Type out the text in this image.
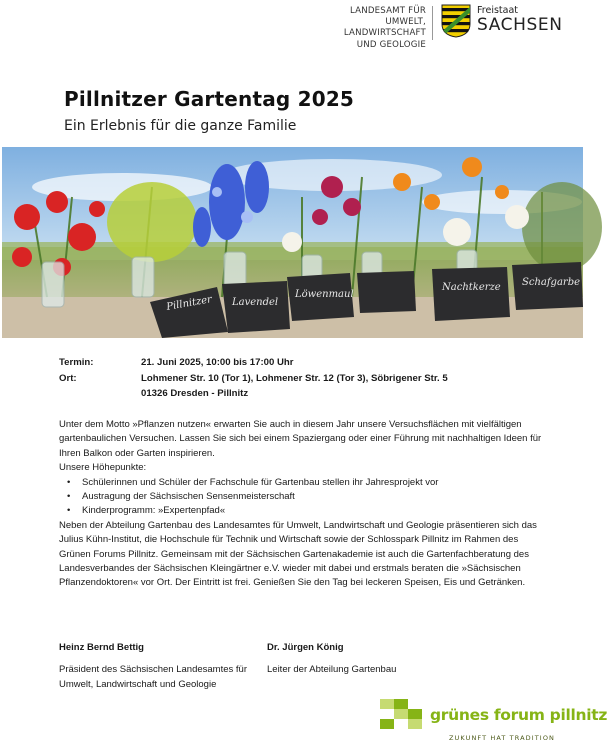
LANDESAMT FÜR UMWELT,
LANDWIRTSCHAFT
UND GEOLOGIE
Freistaat
SACHSEN
Pillnitzer Gartentag 2025
Ein Erlebnis für die ganze Familie
Pillnitzer Lavendel
Löwenmaul
Nachtkerze Schafgarbe
Termin:	21. Juni 2025, 10:00 bis 17:00 Uhr
Ort:	Lohmener Str. 10 (Tor 1), Lohmener Str. 12 (Tor 3), Söbrigener Str. 5
01326 Dresden - Pillnitz

Unter dem Motto »Pflanzen nutzen« erwarten Sie auch in diesem Jahr unsere Versuchsflächen mit vielfältigen gartenbaulichen Versuchen. Lassen Sie sich bei einem Spaziergang oder einer Führung mit nachhaltigen Ideen für Ihren Balkon oder Garten inspirieren.

Unsere Höhepunkte:

• Schülerinnen und Schüler der Fachschule für Gartenbau stellen ihr Jahresprojekt vor
• Austragung der Sächsischen Sensenmeisterschaft
• Kinderprogramm: »Expertenpfad«

Neben der Abteilung Gartenbau des Landesamtes für Umwelt, Landwirtschaft und Geologie präsentieren sich das Julius Kühn-Institut, die Hochschule für Technik und Wirtschaft sowie der Schlosspark Pillnitz im Rahmen des Grünen Forums Pillnitz. Gemeinsam mit der Sächsischen Gartenakademie ist auch die Gartenfachberatung des Landesverbandes der Sächsischen Kleingärtner e.V. wieder mit dabei und erstmals beraten die »Sächsischen Pflanzendoktoren« vor Ort. Der Eintritt ist frei. Genießen Sie den Tag bei leckeren Speisen, Eis und Getränken.

Heinz Bernd Bettig
Präsident des Sächsischen Landesamtes für Umwelt, Landwirtschaft und Geologie
Dr. Jürgen König
Leiter der Abteilung Gartenbau
grünes forum pillnitz
ZUKUNFT HAT TRADITION
